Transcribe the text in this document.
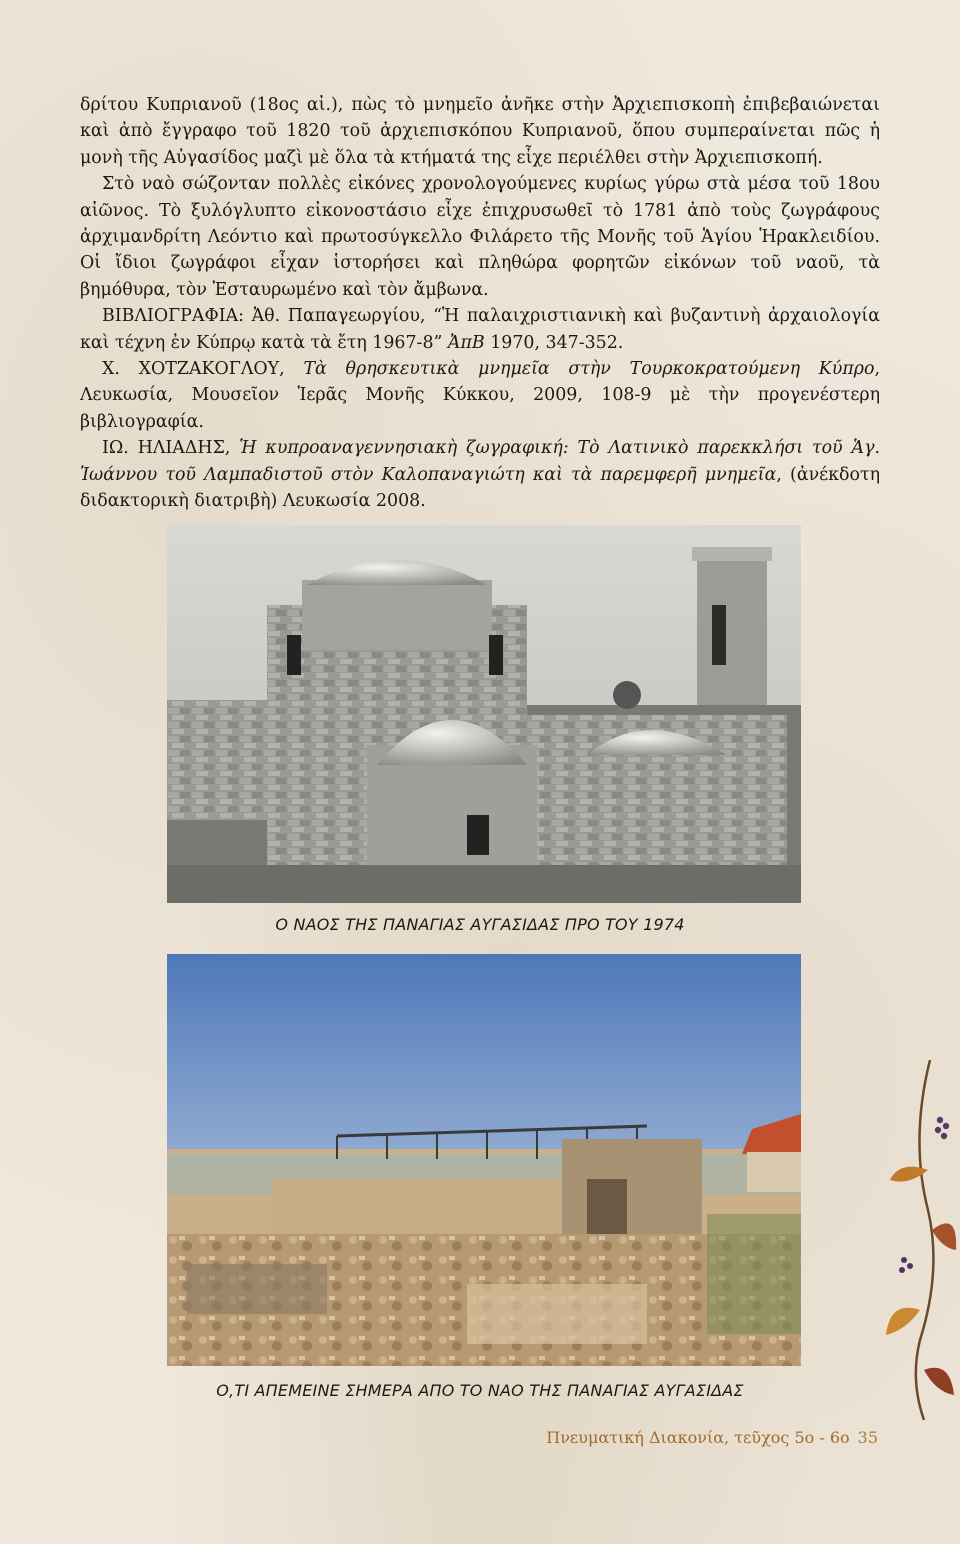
δρίτου Κυπριανοῦ (18ος αἰ.), πὼς τὸ μνημεῖο ἀνῆκε στὴν Ἀρχιεπισκοπὴ ἐπιβεβαιώνεται καὶ ἀπὸ ἔγγραφο τοῦ 1820 τοῦ ἀρχιεπισκόπου Κυπριανοῦ, ὅπου συμπεραίνεται πῶς ἡ μονὴ τῆς Αὐγασίδος μαζὶ μὲ ὅλα τὰ κτήματά της εἶχε περιέλθει στὴν Ἀρχιεπισκοπή.

Στὸ ναὸ σώζονταν πολλὲς εἰκόνες χρονολογούμενες κυρίως γύρω στὰ μέσα τοῦ 18ου αἰῶνος. Τὸ ξυλόγλυπτο εἰκονοστάσιο εἶχε ἐπιχρυσωθεῖ τὸ 1781 ἀπὸ τοὺς ζωγράφους ἀρχιμανδρίτη Λεόντιο καὶ πρωτοσύγκελλο Φιλάρετο τῆς Μονῆς τοῦ Ἁγίου Ἡρακλειδίου. Οἱ ἴδιοι ζωγράφοι εἶχαν ἱστορήσει καὶ πληθώρα φορητῶν εἰκόνων τοῦ ναοῦ, τὰ βημόθυρα, τὸν Ἐσταυρωμένο καὶ τὸν ἄμβωνα.

ΒΙΒΛΙΟΓΡΑΦΙΑ: Ἀθ. Παπαγεωργίου, “Ἡ παλαιχριστιανικὴ καὶ βυζαντινὴ ἀρχαιολογία καὶ τέχνη ἐν Κύπρῳ κατὰ τὰ ἔτη 1967-8” ἈπΒ 1970, 347-352.

Χ. ΧΟΤΖΑΚΟΓΛΟΥ, Τὰ θρησκευτικὰ μνημεῖα στὴν Τουρκοκρατούμενη Κύπρο, Λευκωσία, Μουσεῖον Ἱερᾶς Μονῆς Κύκκου, 2009, 108-9 μὲ τὴν προγενέστερη βιβλιογραφία.

ΙΩ. ΗΛΙΑΔΗΣ, Ἡ κυπροαναγεννησιακὴ ζωγραφική: Τὸ Λατινικὸ παρεκκλήσι τοῦ Ἁγ. Ἰωάννου τοῦ Λαμπαδιστοῦ στὸν Καλοπαναγιώτη καὶ τὰ παρεμφερῆ μνημεῖα, (ἀνέκδοτη διδακτορικὴ διατριβὴ) Λευκωσία 2008.

Ο ΝΑΟΣ ΤΗΣ ΠΑΝΑΓΙΑΣ ΑΥΓΑΣΙΔΑΣ ΠΡΟ ΤΟΥ 1974
Ο,ΤΙ ΑΠΕΜΕΙΝΕ ΣΗΜΕΡΑ ΑΠΟ ΤΟ ΝΑΟ ΤΗΣ ΠΑΝΑΓΙΑΣ ΑΥΓΑΣΙΔΑΣ
Πνευματική Διακονία, τεῦχος 5ο - 6ο 35
